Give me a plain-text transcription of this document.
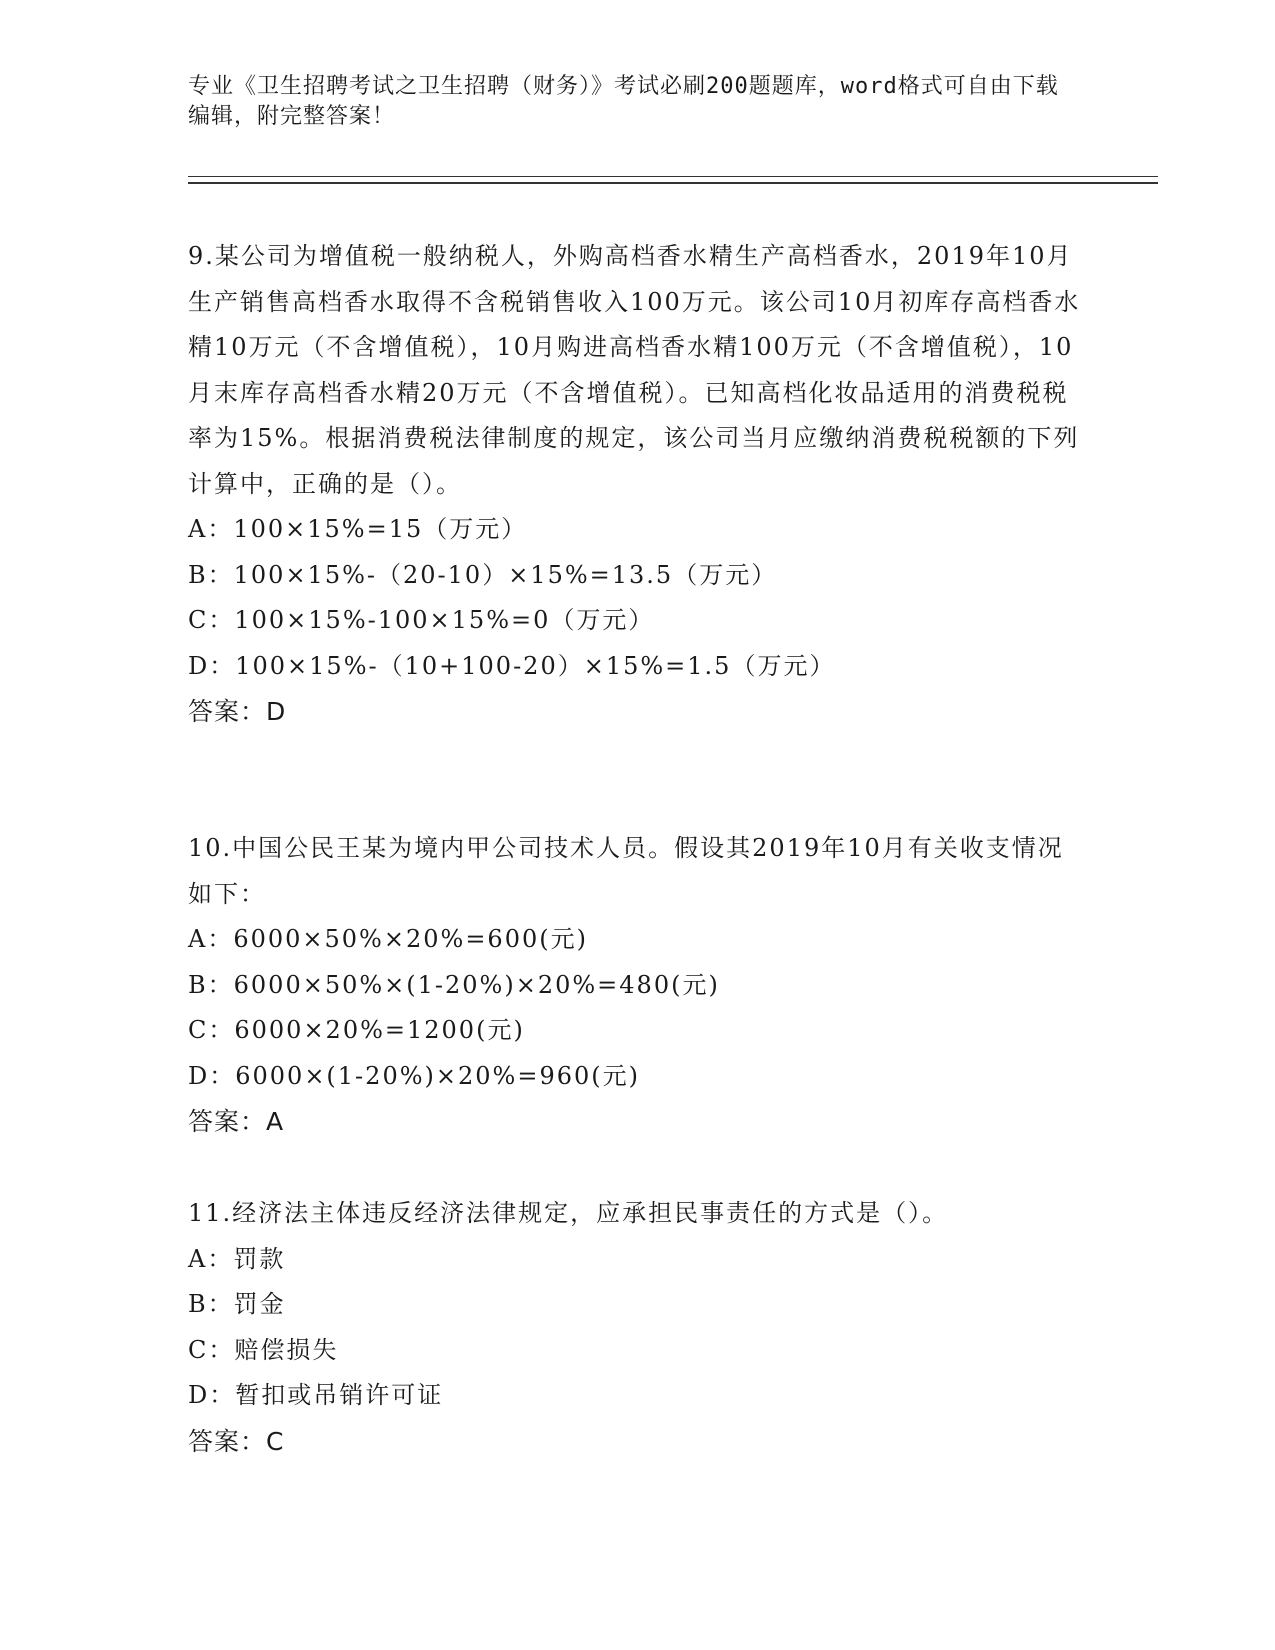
专业《卫生招聘考试之卫生招聘（财务）》考试必刷200题题库，word格式可自由下载编辑，附完整答案！
9.某公司为增值税一般纳税人，外购高档香水精生产高档香水，2019年10月生产销售高档香水取得不含税销售收入100万元。该公司10月初库存高档香水精10万元（不含增值税），10月购进高档香水精100万元（不含增值税），10月末库存高档香水精20万元（不含增值税）。已知高档化妆品适用的消费税税率为15%。根据消费税法律制度的规定，该公司当月应缴纳消费税税额的下列计算中，正确的是（）。
A：100×15%=15（万元）
B：100×15%-（20-10）×15%=13.5（万元）
C：100×15%-100×15%=0（万元）
D：100×15%-（10+100-20）×15%=1.5（万元）
答案：D
10.中国公民王某为境内甲公司技术人员。假设其2019年10月有关收支情况如下：
A：6000×50%×20%=600(元)
B：6000×50%×(1-20%)×20%=480(元)
C：6000×20%=1200(元)
D：6000×(1-20%)×20%=960(元)
答案：A
11.经济法主体违反经济法律规定，应承担民事责任的方式是（）。
A：罚款
B：罚金
C：赔偿损失
D：暂扣或吊销许可证
答案：C
